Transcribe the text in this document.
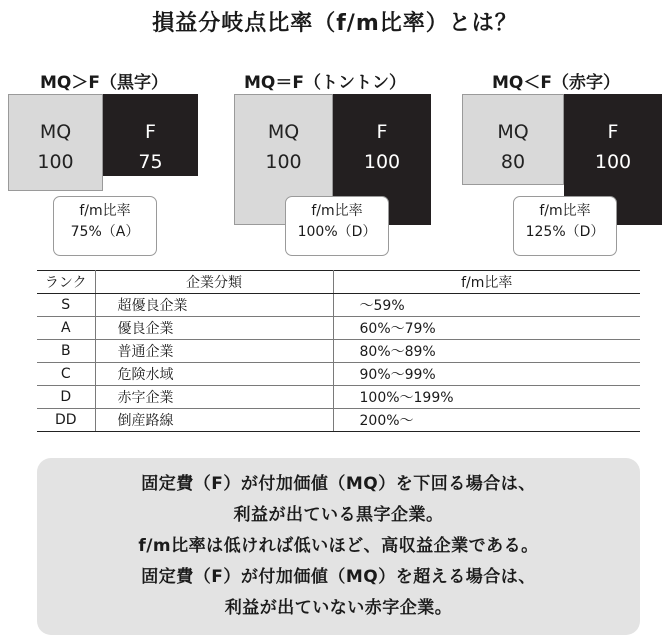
損益分岐点比率（f/m比率）とは？
MQ＞F（黒字）
MQ
100
F
75
f/m比率
75%（A）
MQ＝F（トントン）
MQ
100
F
100
f/m比率
100%（D）
MQ＜F（赤字）
MQ
80
F
100
f/m比率
125%（D）
ランク	企業分類	f/m比率
S	超優良企業	〜59%
A	優良企業	60%〜79%
B	普通企業	80%〜89%
C	危険水域	90%〜99%
D	赤字企業	100%〜199%
DD	倒産路線	200%〜
固定費（F）が付加価値（MQ）を下回る場合は、
利益が出ている黒字企業。
f/m比率は低ければ低いほど、高収益企業である。
固定費（F）が付加価値（MQ）を超える場合は、
利益が出ていない赤字企業。
